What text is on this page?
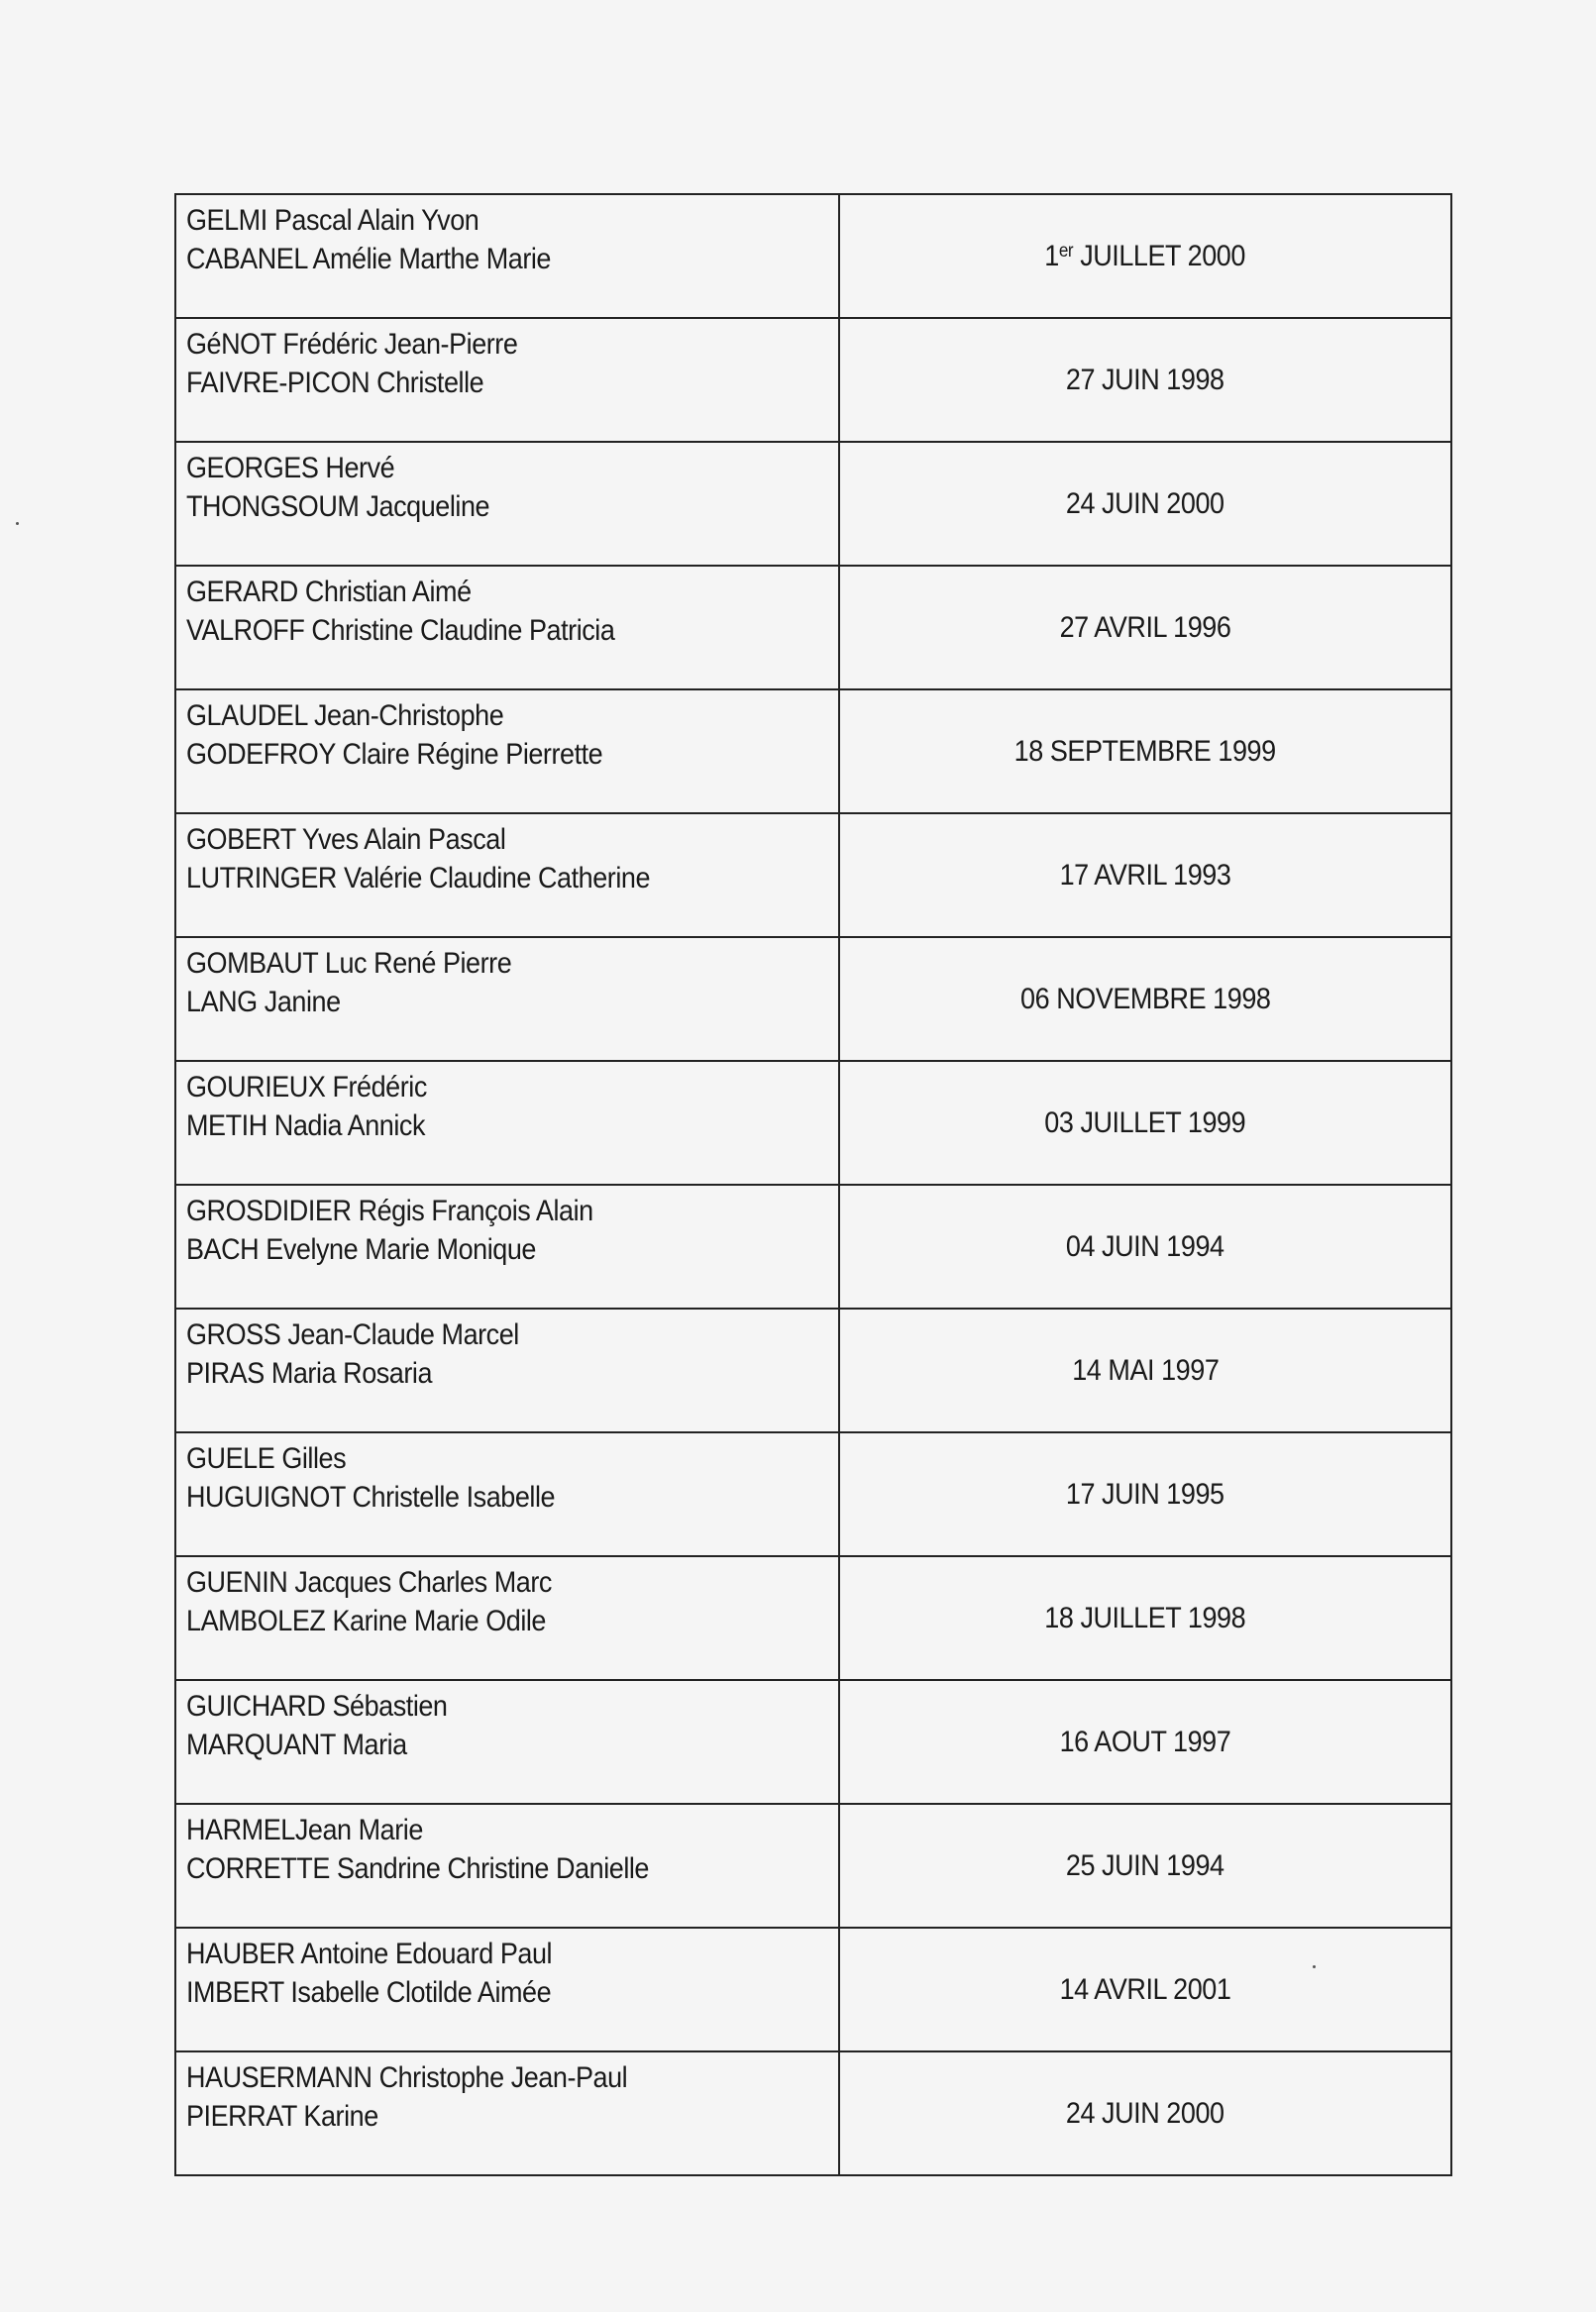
GELMI Pascal Alain Yvon
CABANEL Amélie Marthe Marie	1er JUILLET 2000

GéNOT Frédéric Jean-Pierre
FAIVRE-PICON Christelle	27 JUIN 1998

GEORGES Hervé
THONGSOUM Jacqueline	24 JUIN 2000

GERARD Christian Aimé
VALROFF Christine Claudine Patricia	27 AVRIL 1996

GLAUDEL Jean-Christophe
GODEFROY Claire Régine Pierrette	18 SEPTEMBRE 1999

GOBERT Yves Alain Pascal
LUTRINGER Valérie Claudine Catherine	17 AVRIL 1993

GOMBAUT Luc René Pierre
LANG Janine	06 NOVEMBRE 1998

GOURIEUX Frédéric
METIH Nadia Annick	03 JUILLET 1999

GROSDIDIER Régis François Alain
BACH Evelyne Marie Monique	04 JUIN 1994

GROSS Jean-Claude Marcel
PIRAS Maria Rosaria	14 MAI 1997

GUELE Gilles
HUGUIGNOT Christelle Isabelle	17 JUIN 1995

GUENIN Jacques Charles Marc
LAMBOLEZ Karine Marie Odile	18 JUILLET 1998

GUICHARD Sébastien
MARQUANT Maria	16 AOUT 1997

HARMELJean Marie
CORRETTE Sandrine Christine Danielle	25 JUIN 1994

HAUBER Antoine Edouard Paul
IMBERT Isabelle Clotilde Aimée	14 AVRIL 2001

HAUSERMANN Christophe Jean-Paul
PIERRAT Karine	24 JUIN 2000
